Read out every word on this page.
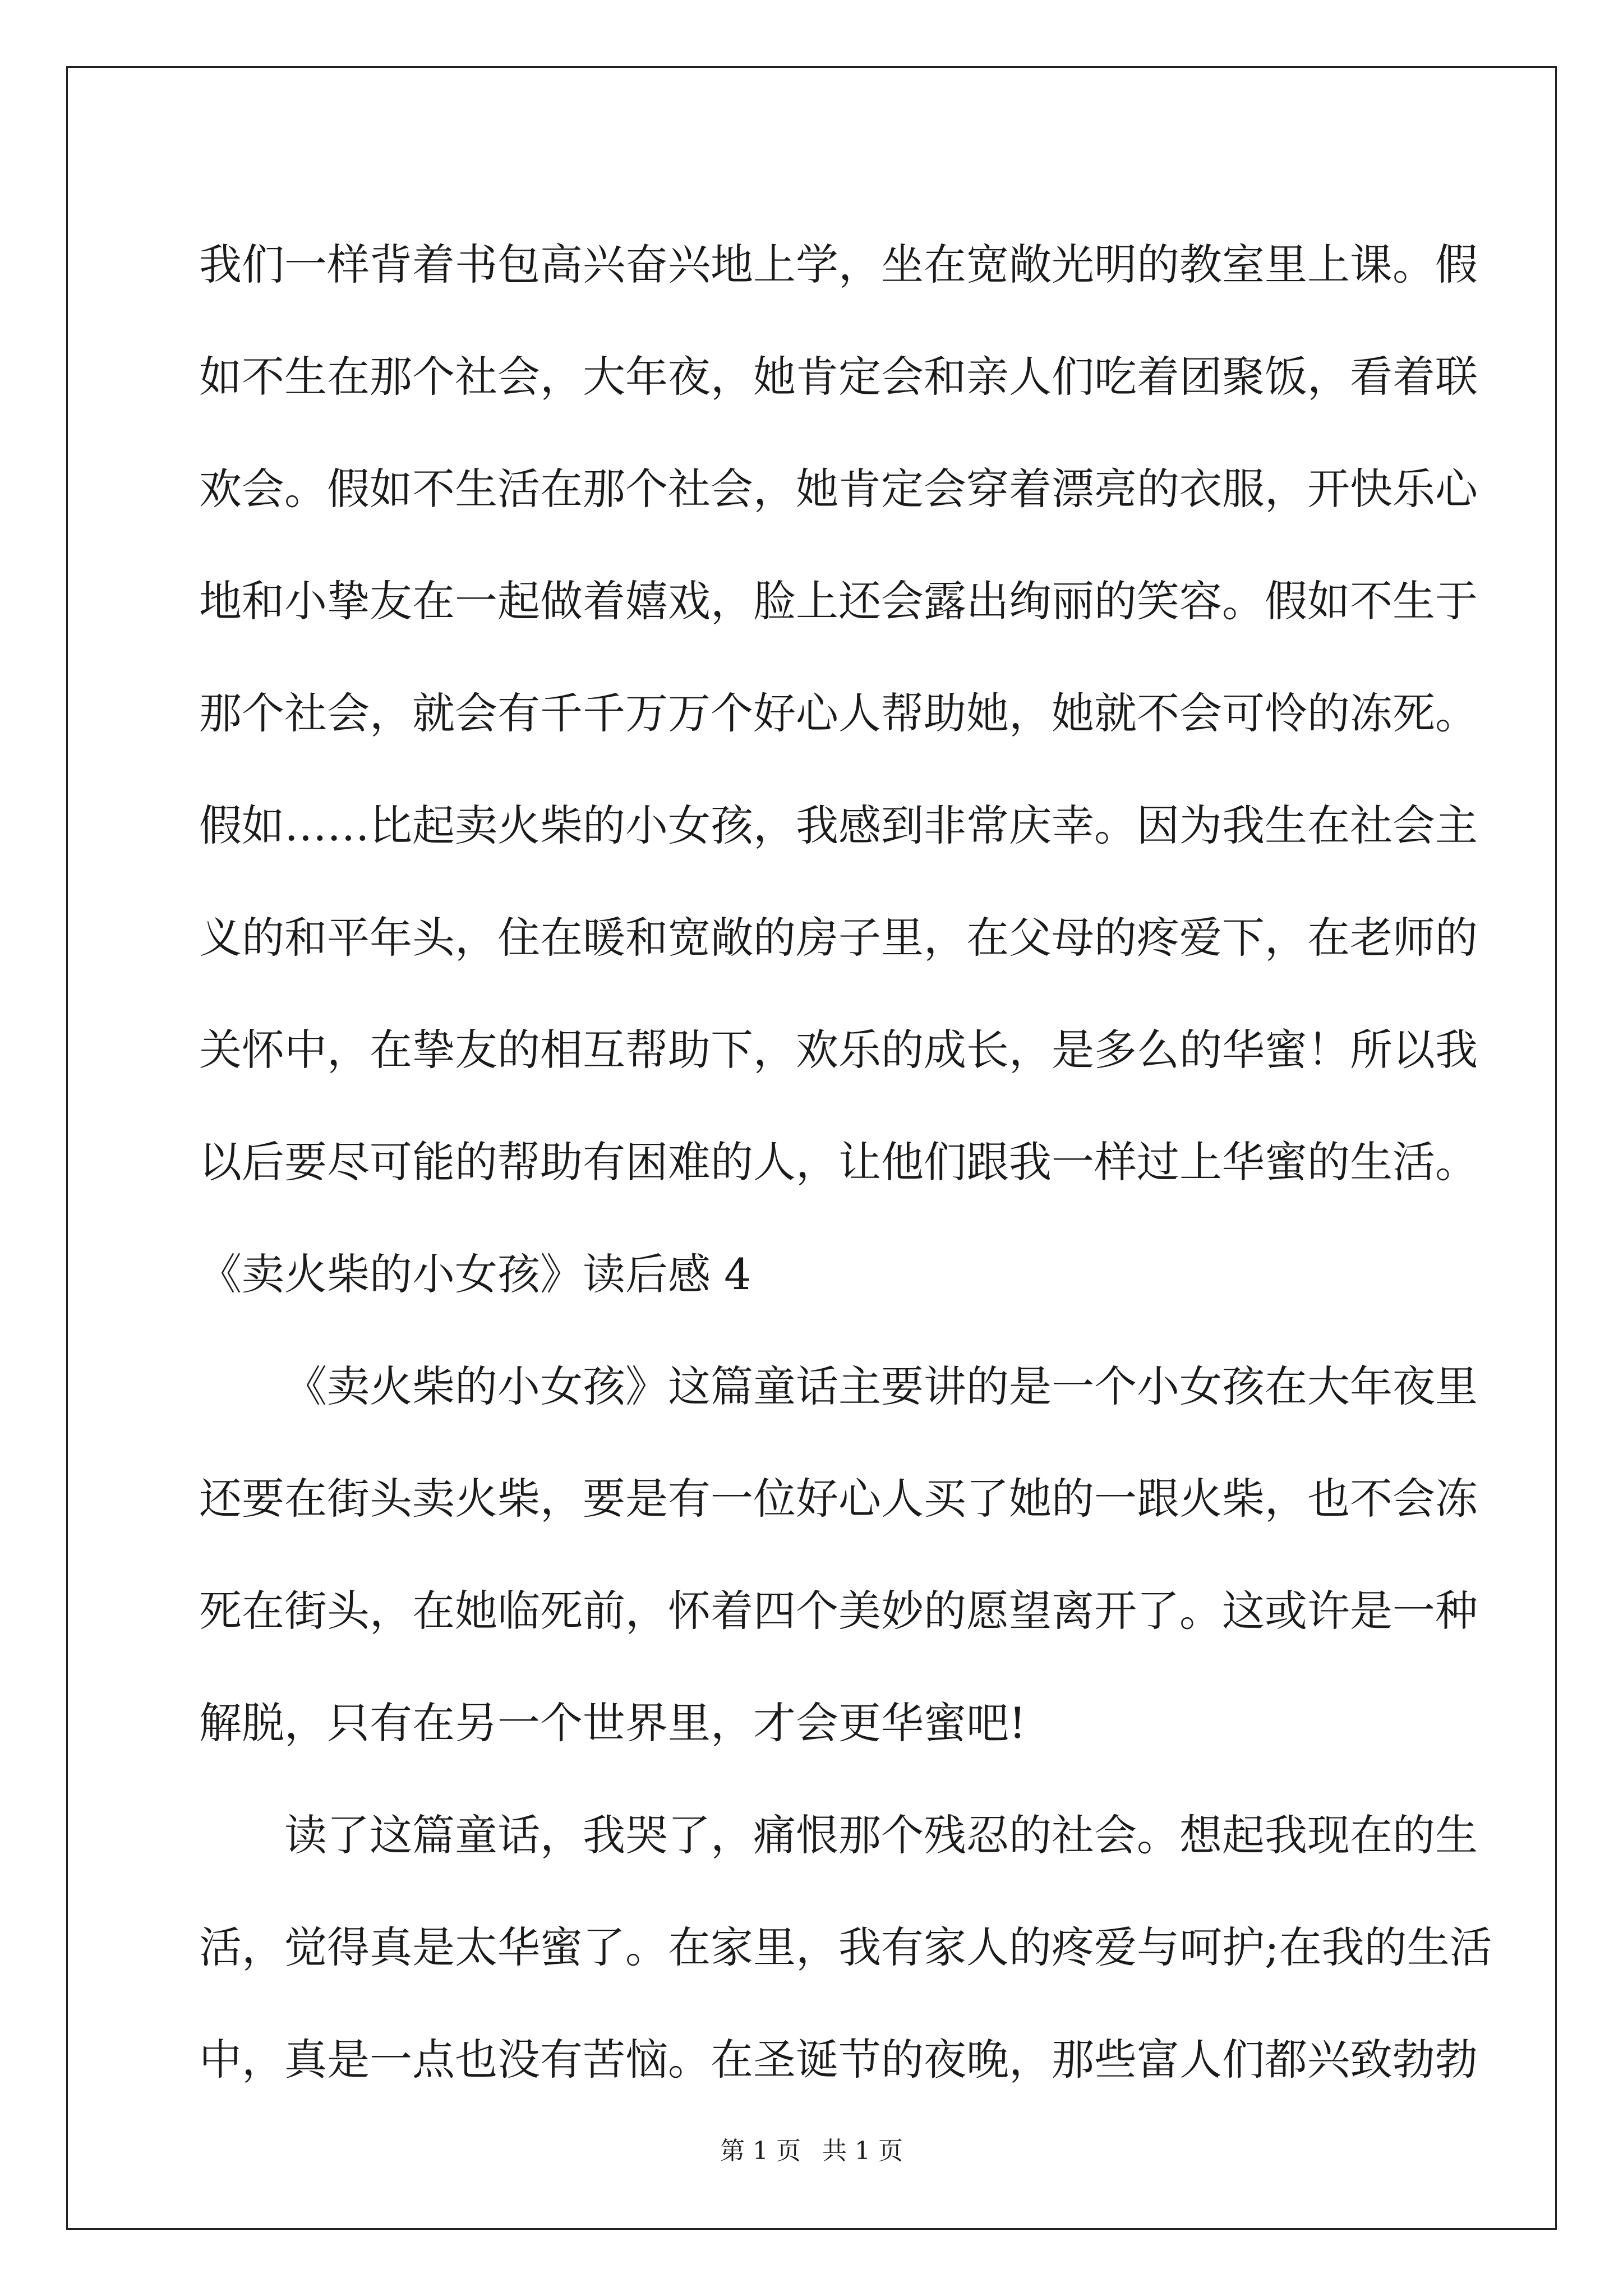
我们一样背着书包高兴奋兴地上学，坐在宽敞光明的教室里上课。假
如不生在那个社会，大年夜，她肯定会和亲人们吃着团聚饭，看着联
欢会。假如不生活在那个社会，她肯定会穿着漂亮的衣服，开快乐心
地和小挚友在一起做着嬉戏，脸上还会露出绚丽的笑容。假如不生于
那个社会，就会有千千万万个好心人帮助她，她就不会可怜的冻死。
假如……比起卖火柴的小女孩，我感到非常庆幸。因为我生在社会主
义的和平年头，住在暖和宽敞的房子里，在父母的疼爱下，在老师的
关怀中，在挚友的相互帮助下，欢乐的成长，是多么的华蜜！所以我
以后要尽可能的帮助有困难的人，让他们跟我一样过上华蜜的生活。
《卖火柴的小女孩》读后感 4
《卖火柴的小女孩》这篇童话主要讲的是一个小女孩在大年夜里
还要在街头卖火柴，要是有一位好心人买了她的一跟火柴，也不会冻
死在街头，在她临死前，怀着四个美妙的愿望离开了。这或许是一种
解脱，只有在另一个世界里，才会更华蜜吧!
读了这篇童话，我哭了，痛恨那个残忍的社会。想起我现在的生
活，觉得真是太华蜜了。在家里，我有家人的疼爱与呵护;在我的生活
中，真是一点也没有苦恼。在圣诞节的夜晚，那些富人们都兴致勃勃
第 1 页 共 1 页
